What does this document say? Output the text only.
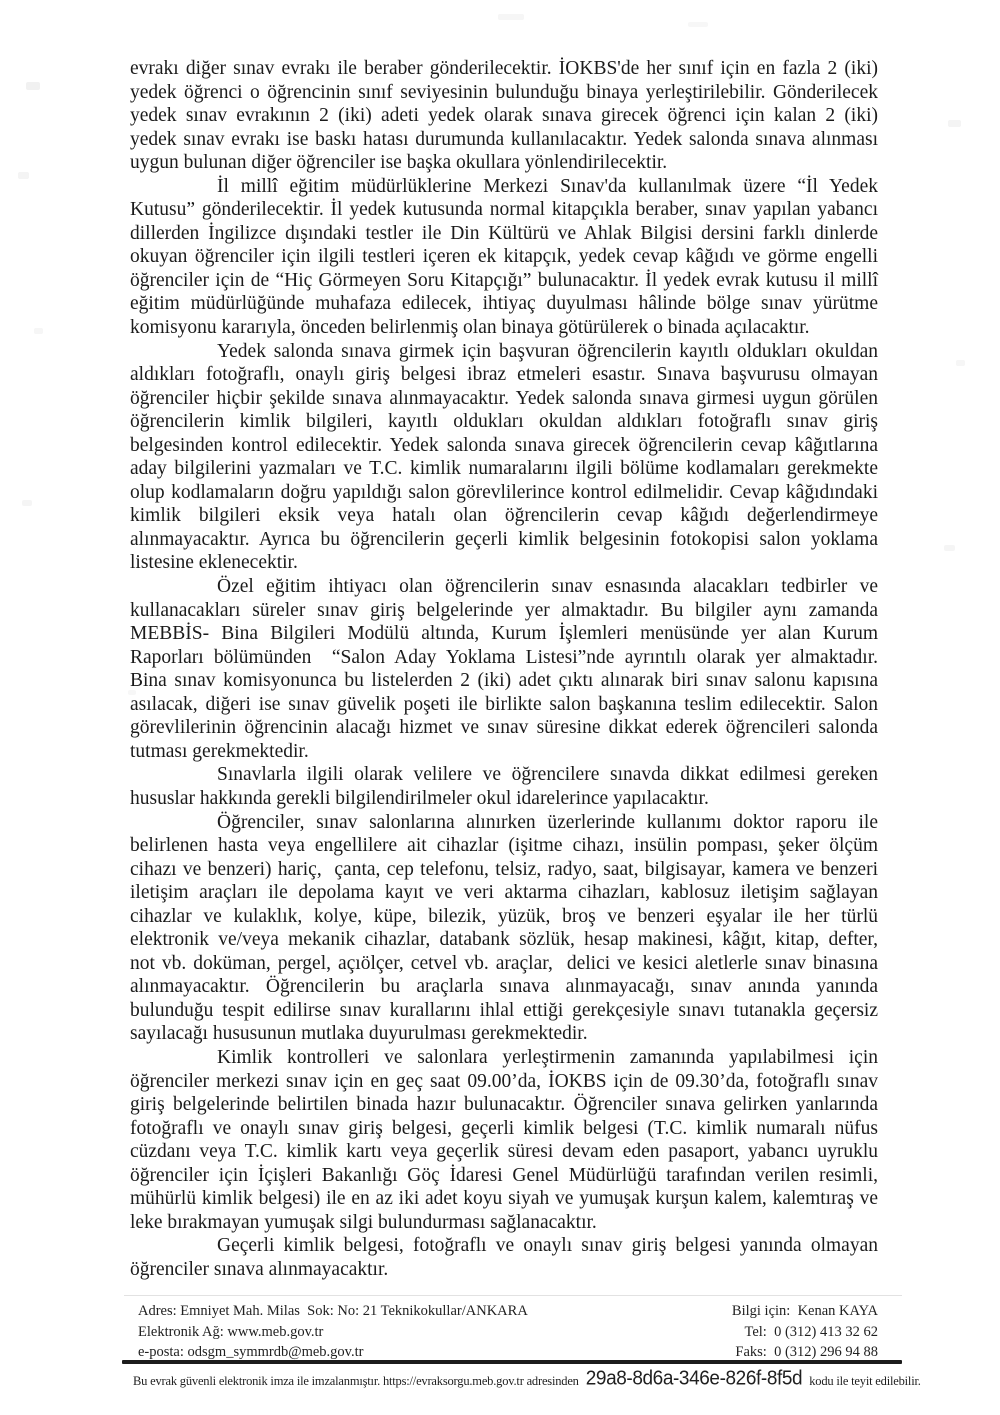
evrakı diğer sınav evrakı ile beraber gönderilecektir. İOKBS'de her sınıf için en fazla 2 (iki)
yedek öğrenci o öğrencinin sınıf seviyesinin bulunduğu binaya yerleştirilebilir. Gönderilecek
yedek sınav evrakının 2 (iki) adeti yedek olarak sınava girecek öğrenci için kalan 2 (iki)
yedek sınav evrakı ise baskı hatası durumunda kullanılacaktır. Yedek salonda sınava alınması
uygun bulunan diğer öğrenciler ise başka okullara yönlendirilecektir.
İl millî eğitim müdürlüklerine Merkezi Sınav'da kullanılmak üzere “İl Yedek
Kutusu” gönderilecektir. İl yedek kutusunda normal kitapçıkla beraber, sınav yapılan yabancı
dillerden İngilizce dışındaki testler ile Din Kültürü ve Ahlak Bilgisi dersini farklı dinlerde
okuyan öğrenciler için ilgili testleri içeren ek kitapçık, yedek cevap kâğıdı ve görme engelli
öğrenciler için de “Hiç Görmeyen Soru Kitapçığı” bulunacaktır. İl yedek evrak kutusu il millî
eğitim müdürlüğünde muhafaza edilecek, ihtiyaç duyulması hâlinde bölge sınav yürütme
komisyonu kararıyla, önceden belirlenmiş olan binaya götürülerek o binada açılacaktır.
Yedek salonda sınava girmek için başvuran öğrencilerin kayıtlı oldukları okuldan
aldıkları fotoğraflı, onaylı giriş belgesi ibraz etmeleri esastır. Sınava başvurusu olmayan
öğrenciler hiçbir şekilde sınava alınmayacaktır. Yedek salonda sınava girmesi uygun görülen
öğrencilerin kimlik bilgileri, kayıtlı oldukları okuldan aldıkları fotoğraflı sınav giriş
belgesinden kontrol edilecektir. Yedek salonda sınava girecek öğrencilerin cevap kâğıtlarına
aday bilgilerini yazmaları ve T.C. kimlik numaralarını ilgili bölüme kodlamaları gerekmekte
olup kodlamaların doğru yapıldığı salon görevlilerince kontrol edilmelidir. Cevap kâğıdındaki
kimlik bilgileri eksik veya hatalı olan öğrencilerin cevap kâğıdı değerlendirmeye
alınmayacaktır. Ayrıca bu öğrencilerin geçerli kimlik belgesinin fotokopisi salon yoklama
listesine eklenecektir.
Özel eğitim ihtiyacı olan öğrencilerin sınav esnasında alacakları tedbirler ve
kullanacakları süreler sınav giriş belgelerinde yer almaktadır. Bu bilgiler aynı zamanda
MEBBİS- Bina Bilgileri Modülü altında, Kurum İşlemleri menüsünde yer alan Kurum
Raporları bölümünden  “Salon Aday Yoklama Listesi”nde ayrıntılı olarak yer almaktadır.
Bina sınav komisyonunca bu listelerden 2 (iki) adet çıktı alınarak biri sınav salonu kapısına
asılacak, diğeri ise sınav güvelik poşeti ile birlikte salon başkanına teslim edilecektir. Salon
görevlilerinin öğrencinin alacağı hizmet ve sınav süresine dikkat ederek öğrencileri salonda
tutması gerekmektedir.
Sınavlarla ilgili olarak velilere ve öğrencilere sınavda dikkat edilmesi gereken
hususlar hakkında gerekli bilgilendirilmeler okul idarelerince yapılacaktır.
Öğrenciler, sınav salonlarına alınırken üzerlerinde kullanımı doktor raporu ile
belirlenen hasta veya engellilere ait cihazlar (işitme cihazı, insülin pompası, şeker ölçüm
cihazı ve benzeri) hariç,  çanta, cep telefonu, telsiz, radyo, saat, bilgisayar, kamera ve benzeri
iletişim araçları ile depolama kayıt ve veri aktarma cihazları, kablosuz iletişim sağlayan
cihazlar ve kulaklık, kolye, küpe, bilezik, yüzük, broş ve benzeri eşyalar ile her türlü
elektronik ve/veya mekanik cihazlar, databank sözlük, hesap makinesi, kâğıt, kitap, defter,
not vb. doküman, pergel, açıölçer, cetvel vb. araçlar,  delici ve kesici aletlerle sınav binasına
alınmayacaktır. Öğrencilerin bu araçlarla sınava alınmayacağı, sınav anında yanında
bulunduğu tespit edilirse sınav kurallarını ihlal ettiği gerekçesiyle sınavı tutanakla geçersiz
sayılacağı hususunun mutlaka duyurulması gerekmektedir.
Kimlik kontrolleri ve salonlara yerleştirmenin zamanında yapılabilmesi için
öğrenciler merkezi sınav için en geç saat 09.00’da, İOKBS için de 09.30’da, fotoğraflı sınav
giriş belgelerinde belirtilen binada hazır bulunacaktır. Öğrenciler sınava gelirken yanlarında
fotoğraflı ve onaylı sınav giriş belgesi, geçerli kimlik belgesi (T.C. kimlik numaralı nüfus
cüzdanı veya T.C. kimlik kartı veya geçerlik süresi devam eden pasaport, yabancı uyruklu
öğrenciler için İçişleri Bakanlığı Göç İdaresi Genel Müdürlüğü tarafından verilen resimli,
mühürlü kimlik belgesi) ile en az iki adet koyu siyah ve yumuşak kurşun kalem, kalemtıraş ve
leke bırakmayan yumuşak silgi bulundurması sağlanacaktır.
Geçerli kimlik belgesi, fotoğraflı ve onaylı sınav giriş belgesi yanında olmayan
öğrenciler sınava alınmayacaktır.
Adres: Emniyet Mah. Milas  Sok: No: 21 Teknikokullar/ANKARA
Elektronik Ağ: www.meb.gov.tr
e-posta: odsgm_symmrdb@meb.gov.tr
Bilgi için:  Kenan KAYA
Tel:  0 (312) 413 32 62
Faks:  0 (312) 296 94 88
Bu evrak güvenli elektronik imza ile imzalanmıştır. https://evraksorgu.meb.gov.tr adresinden 29a8-8d6a-346e-826f-8f5d kodu ile teyit edilebilir.
